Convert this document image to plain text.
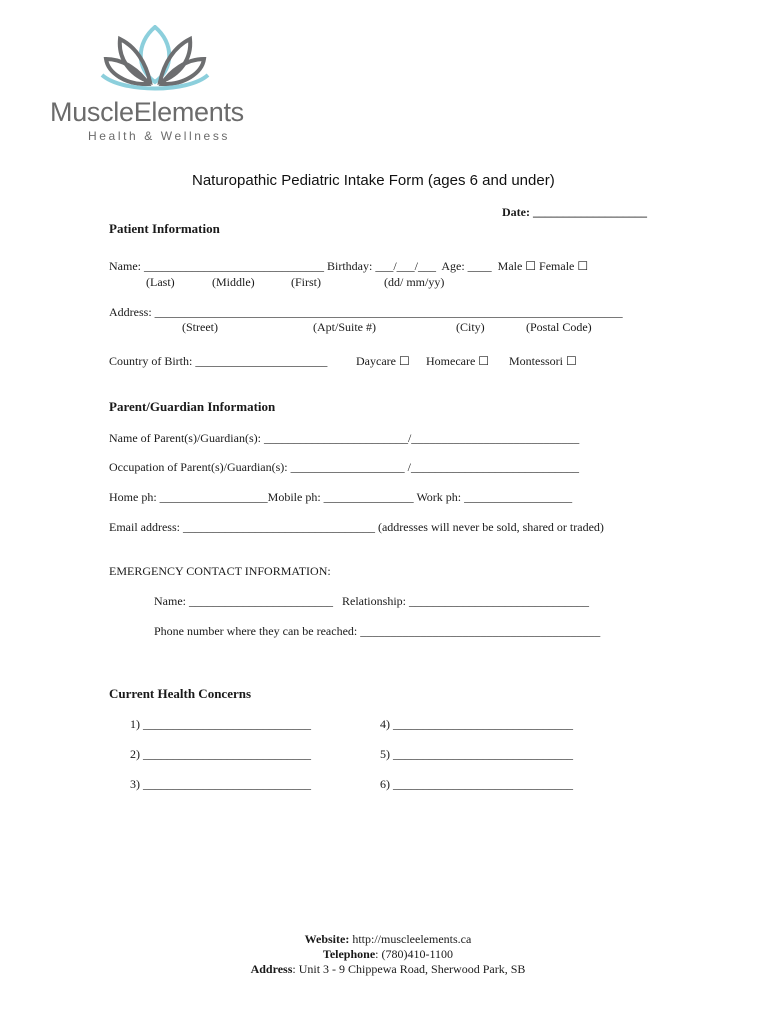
MuscleElements

Health & Wellness

Naturopathic Pediatric Intake Form (ages 6 and under)
Date: ___________________
Patient Information
Name: ______________________________ Birthday: ___/___/___  Age: ____  Male ☐ Female ☐
(Last)	(Middle)	(First)	(dd/ mm/yy)
Address: ______________________________________________________________________________
(Street)	(Apt/Suite #)	(City)	(Postal Code)
Country of Birth: ______________________ Daycare ☐ Homecare ☐ Montessori ☐
Parent/Guardian Information
Name of Parent(s)/Guardian(s): ________________________/____________________________
Occupation of Parent(s)/Guardian(s): ___________________ /____________________________
Home ph: __________________Mobile ph: _______________ Work ph: __________________
Email address: ________________________________ (addresses will never be sold, shared or traded)
EMERGENCY CONTACT INFORMATION:
Name: ________________________   Relationship: ______________________________
Phone number where they can be reached: ________________________________________
Current Health Concerns
1) ____________________________
2) ____________________________
3) ____________________________
4) ______________________________
5) ______________________________
6) ______________________________

Website: http://muscleelements.ca

Telephone: (780)410-1100

Address: Unit 3 - 9 Chippewa Road, Sherwood Park, SB
